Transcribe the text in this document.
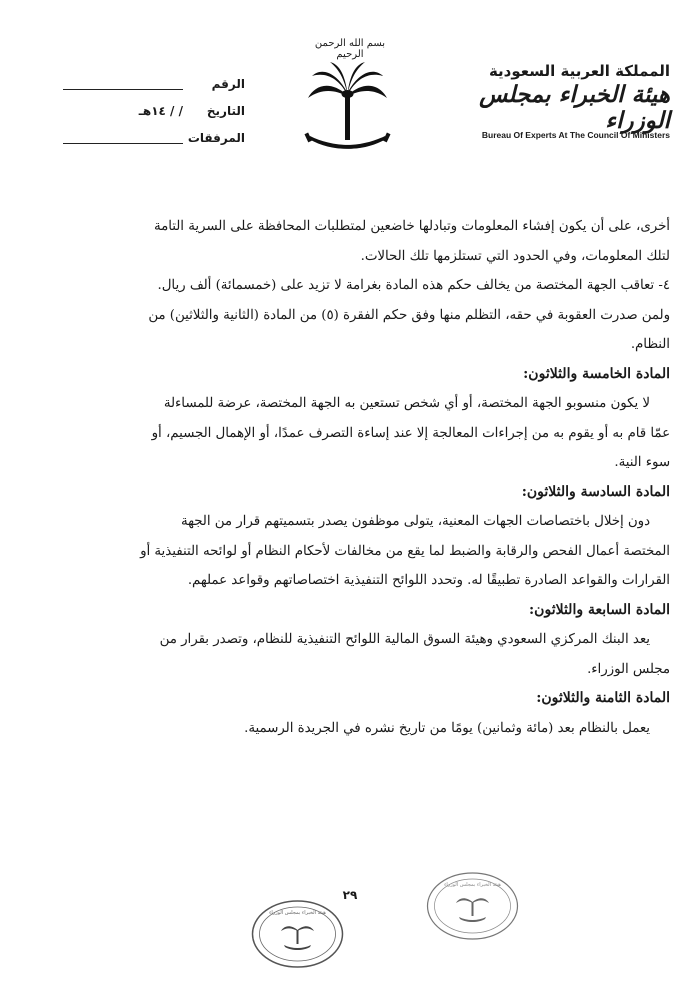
الرقم
التاريخ
/ / ١٤هـ
المرفقات
بسم الله الرحمن الرحيم
المملكة العربية السعودية
هيئة الخبراء بمجلس الوزراء
Bureau Of Experts At The Council Of Ministers

أخرى، على أن يكون إفشاء المعلومات وتبادلها خاضعين لمتطلبات المحافظة على السرية التامة

لتلك المعلومات، وفي الحدود التي تستلزمها تلك الحالات.

٤- تعاقب الجهة المختصة من يخالف حكم هذه المادة بغرامة لا تزيد على (خمسمائة) ألف ريال.

ولمن صدرت العقوبة في حقه، التظلم منها وفق حكم الفقرة (٥) من المادة (الثانية والثلاثين) من

النظام.

المادة الخامسة والثلاثون:

لا يكون منسوبو الجهة المختصة، أو أي شخص تستعين به الجهة المختصة، عرضة للمساءلة

عمّا قام به أو يقوم به من إجراءات المعالجة إلا عند إساءة التصرف عمدًا، أو الإهمال الجسيم، أو

سوء النية.

المادة السادسة والثلاثون:

دون إخلال باختصاصات الجهات المعنية، يتولى موظفون يصدر بتسميتهم قرار من الجهة

المختصة أعمال الفحص والرقابة والضبط لما يقع من مخالفات لأحكام النظام أو لوائحه التنفيذية أو

القرارات والقواعد الصادرة تطبيقًا له. وتحدد اللوائح التنفيذية اختصاصاتهم وقواعد عملهم.

المادة السابعة والثلاثون:

يعد البنك المركزي السعودي وهيئة السوق المالية اللوائح التنفيذية للنظام، وتصدر بقرار من

مجلس الوزراء.

المادة الثامنة والثلاثون:

يعمل بالنظام بعد (مائة وثمانين) يومًا من تاريخ نشره في الجريدة الرسمية.

٢٩
هيئة الخبراء بمجلس الوزراء
هيئة الخبراء بمجلس الوزراء
